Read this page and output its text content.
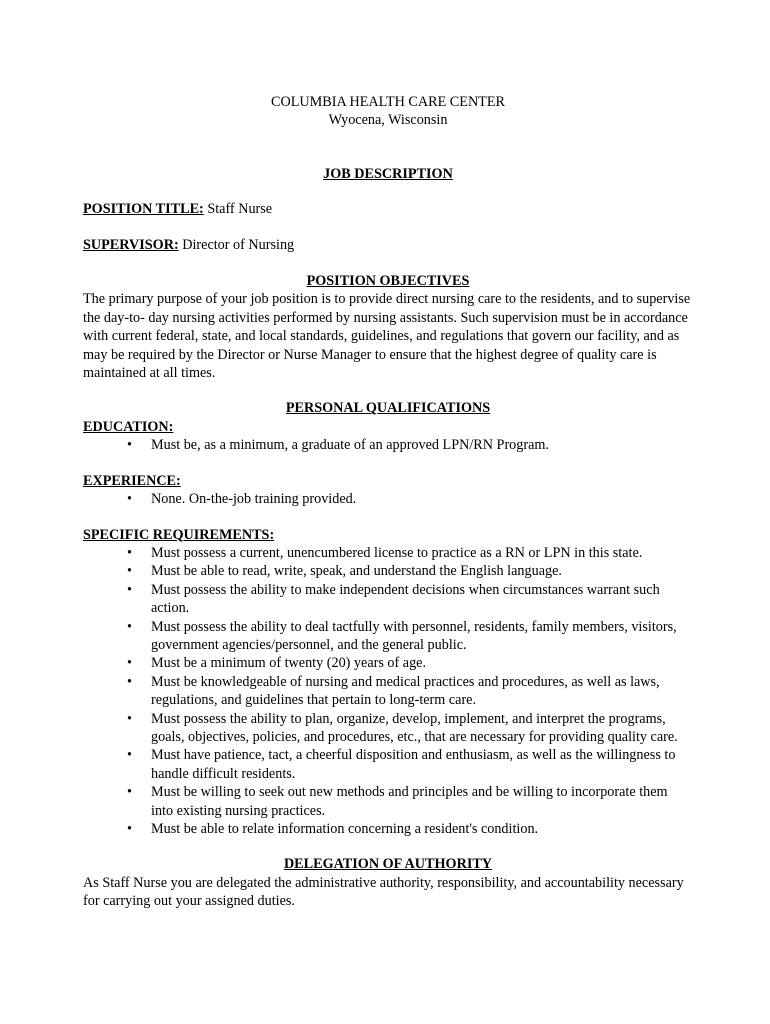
COLUMBIA HEALTH CARE CENTER

Wyocena, Wisconsin

JOB DESCRIPTION

POSITION TITLE: Staff Nurse

SUPERVISOR: Director of Nursing

POSITION OBJECTIVES

The primary purpose of your job position is to provide direct nursing care to the residents, and to supervise the day-to- day nursing activities performed by nursing assistants. Such supervision must be in accordance with current federal, state, and local standards, guidelines, and regulations that govern our facility, and as may be required by the Director or Nurse Manager to ensure that the highest degree of quality care is maintained at all times.

PERSONAL QUALIFICATIONS

EDUCATION:

• Must be, as a minimum, a graduate of an approved LPN/RN Program.

EXPERIENCE:

• None. On-the-job training provided.

SPECIFIC REQUIREMENTS:

• Must possess a current, unencumbered license to practice as a RN or LPN in this state.
• Must be able to read, write, speak, and understand the English language.
• Must possess the ability to make independent decisions when circumstances warrant such action.
• Must possess the ability to deal tactfully with personnel, residents, family members, visitors, government agencies/personnel, and the general public.
• Must be a minimum of twenty (20) years of age.
• Must be knowledgeable of nursing and medical practices and procedures, as well as laws, regulations, and guidelines that pertain to long-term care.
• Must possess the ability to plan, organize, develop, implement, and interpret the programs, goals, objectives, policies, and procedures, etc., that are necessary for providing quality care.
• Must have patience, tact, a cheerful disposition and enthusiasm, as well as the willingness to handle difficult residents.
• Must be willing to seek out new methods and principles and be willing to incorporate them into existing nursing practices.
• Must be able to relate information concerning a resident's condition.

DELEGATION OF AUTHORITY

As Staff Nurse you are delegated the administrative authority, responsibility, and accountability necessary for carrying out your assigned duties.
